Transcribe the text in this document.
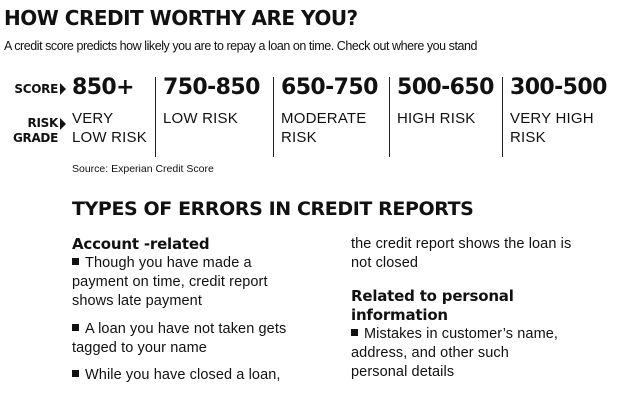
HOW CREDIT WORTHY ARE YOU?
A credit score predicts how likely you are to repay a loan on time. Check out where you stand
SCORE
RISK
GRADE
850+
VERY
LOW RISK
750-850
LOW RISK
650-750
MODERATE
RISK
500-650
HIGH RISK
300-500
VERY HIGH
RISK
Source: Experian Credit Score
TYPES OF ERRORS IN CREDIT REPORTS
Account -related
Though you have made a
payment on time, credit report
shows late payment
A loan you have not taken gets
tagged to your name
While you have closed a loan,
the credit report shows the loan is
not closed
Related to personal
information
Mistakes in customer’s name,
address, and other such
personal details
